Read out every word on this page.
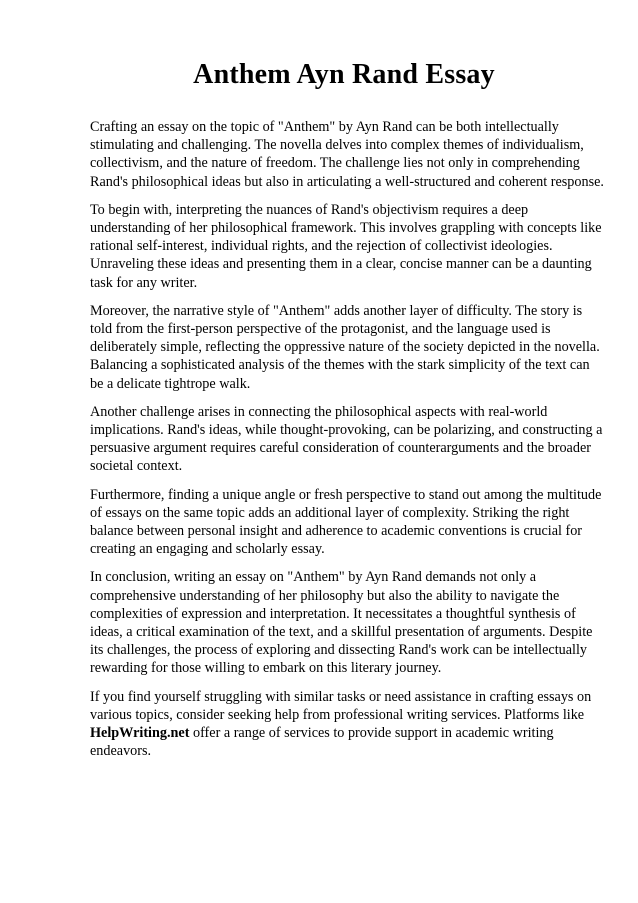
Anthem Ayn Rand Essay

Crafting an essay on the topic of "Anthem" by Ayn Rand can be both intellectually stimulating and challenging. The novella delves into complex themes of individualism, collectivism, and the nature of freedom. The challenge lies not only in comprehending Rand's philosophical ideas but also in articulating a well-structured and coherent response.

To begin with, interpreting the nuances of Rand's objectivism requires a deep understanding of her philosophical framework. This involves grappling with concepts like rational self-interest, individual rights, and the rejection of collectivist ideologies. Unraveling these ideas and presenting them in a clear, concise manner can be a daunting task for any writer.

Moreover, the narrative style of "Anthem" adds another layer of difficulty. The story is told from the first-person perspective of the protagonist, and the language used is deliberately simple, reflecting the oppressive nature of the society depicted in the novella. Balancing a sophisticated analysis of the themes with the stark simplicity of the text can be a delicate tightrope walk.

Another challenge arises in connecting the philosophical aspects with real-world implications. Rand's ideas, while thought-provoking, can be polarizing, and constructing a persuasive argument requires careful consideration of counterarguments and the broader societal context.

Furthermore, finding a unique angle or fresh perspective to stand out among the multitude of essays on the same topic adds an additional layer of complexity. Striking the right balance between personal insight and adherence to academic conventions is crucial for creating an engaging and scholarly essay.

In conclusion, writing an essay on "Anthem" by Ayn Rand demands not only a comprehensive understanding of her philosophy but also the ability to navigate the complexities of expression and interpretation. It necessitates a thoughtful synthesis of ideas, a critical examination of the text, and a skillful presentation of arguments. Despite its challenges, the process of exploring and dissecting Rand's work can be intellectually rewarding for those willing to embark on this literary journey.

If you find yourself struggling with similar tasks or need assistance in crafting essays on various topics, consider seeking help from professional writing services. Platforms like HelpWriting.net offer a range of services to provide support in academic writing endeavors.
